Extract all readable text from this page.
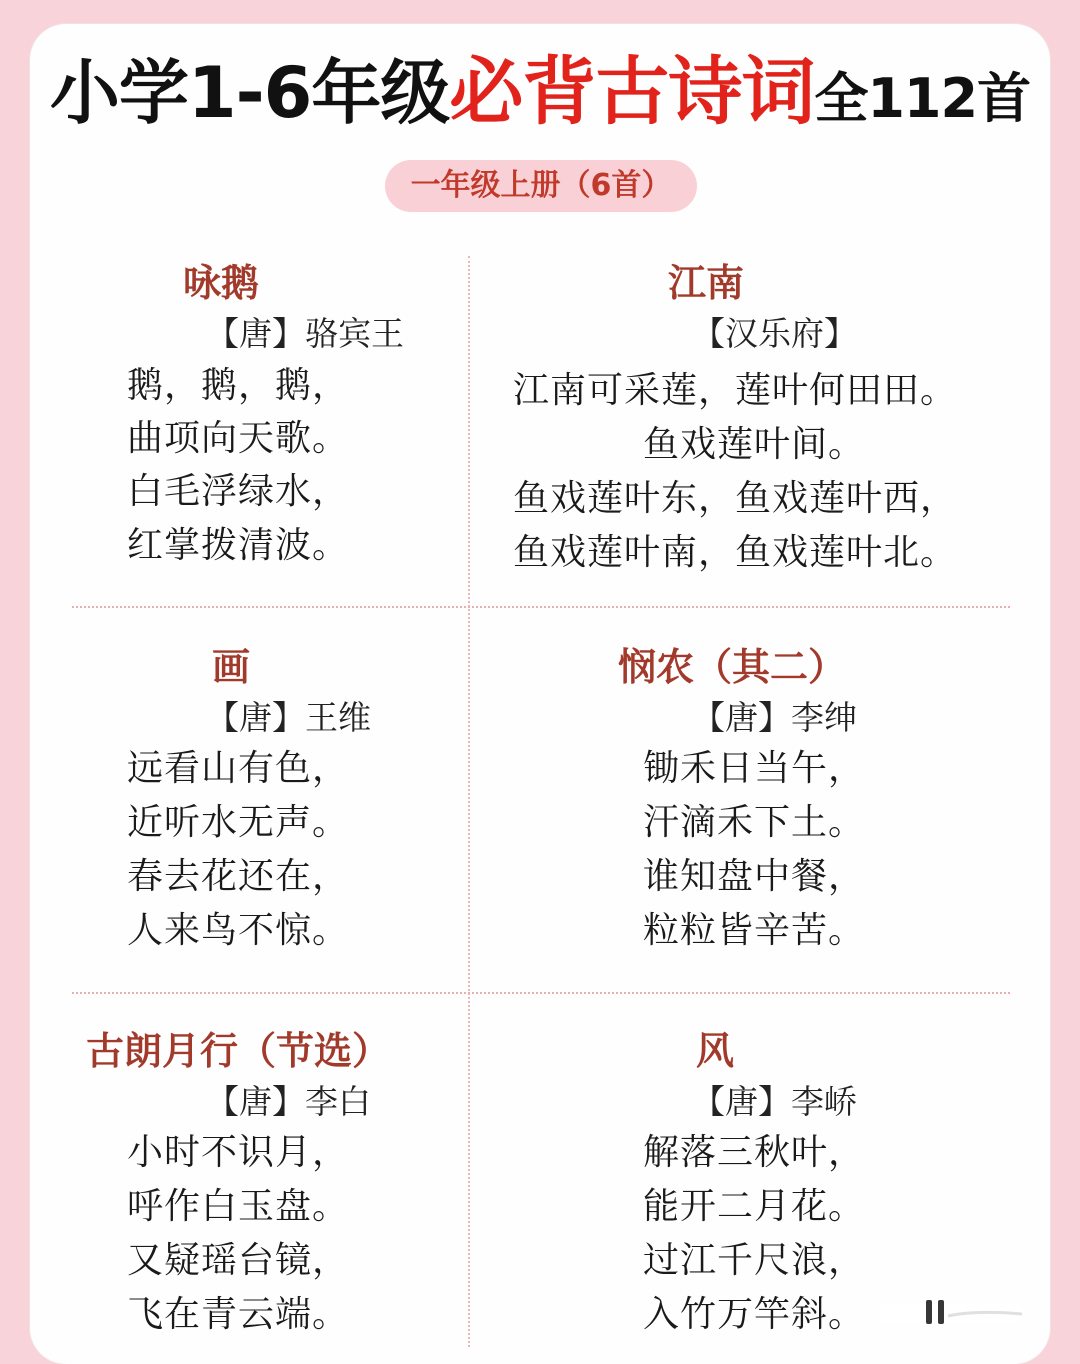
小学1-6年级必背古诗词全112首
一年级上册（6首）
咏鹅
【唐】骆宾王
鹅，鹅，鹅，
曲项向天歌。
白毛浮绿水，
红掌拨清波。
江南
【汉乐府】
江南可采莲，莲叶何田田。
鱼戏莲叶间。
鱼戏莲叶东，鱼戏莲叶西，
鱼戏莲叶南，鱼戏莲叶北。
画
【唐】王维
远看山有色，
近听水无声。
春去花还在，
人来鸟不惊。
悯农（其二）
【唐】李绅
锄禾日当午，
汗滴禾下土。
谁知盘中餐，
粒粒皆辛苦。
古朗月行（节选）
【唐】李白
小时不识月，
呼作白玉盘。
又疑瑶台镜，
飞在青云端。
风
【唐】李峤
解落三秋叶，
能开二月花。
过江千尺浪，
入竹万竿斜。
